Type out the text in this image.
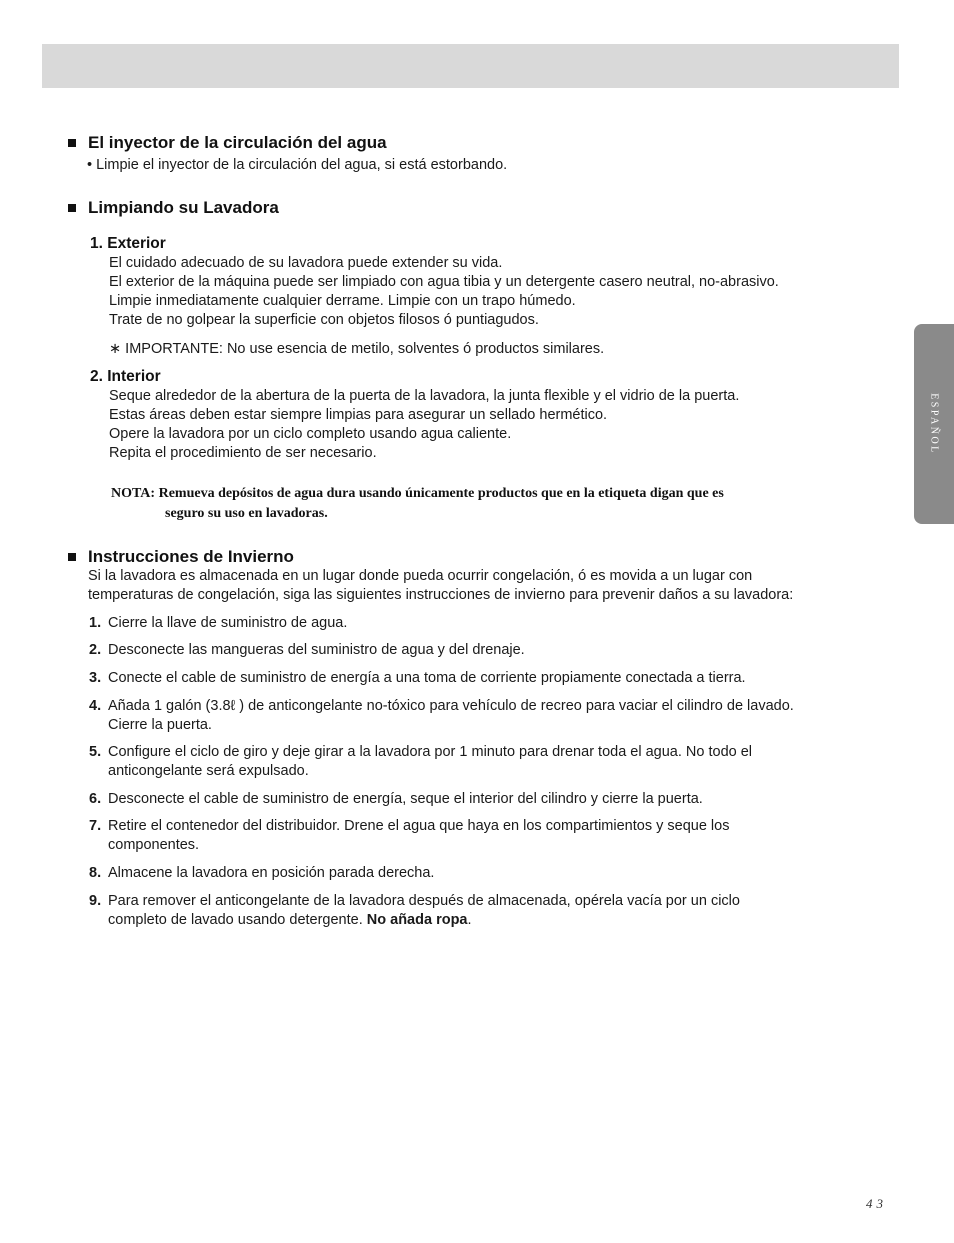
ESPAÑOL
El inyector de la circulación del agua
• Limpie el inyector de la circulación del agua, si está estorbando.
Limpiando su Lavadora
1. Exterior
El cuidado adecuado de su lavadora puede extender su vida.
El exterior de la máquina puede ser limpiado con agua tibia y un detergente casero neutral, no-abrasivo.
Limpie inmediatamente cualquier derrame. Limpie con un trapo húmedo.
Trate de no golpear la superficie con objetos filosos ó puntiagudos.
∗ IMPORTANTE: No use esencia de metilo, solventes ó productos similares.
2. Interior
Seque alrededor de la abertura de la puerta de la lavadora, la junta flexible y el vidrio de la puerta.
Estas áreas deben estar siempre limpias para asegurar un sellado hermético.
Opere la lavadora por un ciclo completo usando agua caliente.
Repita el procedimiento de ser necesario.
NOTA: Remueva depósitos de agua dura usando únicamente productos que en la etiqueta digan que es
seguro su uso en lavadoras.
Instrucciones de Invierno
Si la lavadora es almacenada en un lugar donde pueda ocurrir congelación, ó es movida a un lugar con
temperaturas de congelación, siga las siguientes instrucciones de invierno para prevenir daños a su lavadora:
1. Cierre la llave de suministro de agua.
2. Desconecte las mangueras del suministro de agua y del drenaje.
3. Conecte el cable de suministro de energía a una toma de corriente propiamente conectada a tierra.
4. Añada 1 galón (3.8ℓ ) de anticongelante no-tóxico para vehículo de recreo para vaciar el cilindro de lavado.
Cierre la puerta.
5. Configure el ciclo de giro y deje girar a la lavadora por 1 minuto para drenar toda el agua. No todo el
anticongelante será expulsado.
6. Desconecte el cable de suministro de energía, seque el interior del cilindro y cierre la puerta.
7. Retire el contenedor del distribuidor. Drene el agua que haya en los compartimientos y seque los
componentes.
8. Almacene la lavadora en posición parada derecha.
9. Para remover el anticongelante de la lavadora después de almacenada, opérela vacía por un ciclo
completo de lavado usando detergente. No añada ropa.
43
